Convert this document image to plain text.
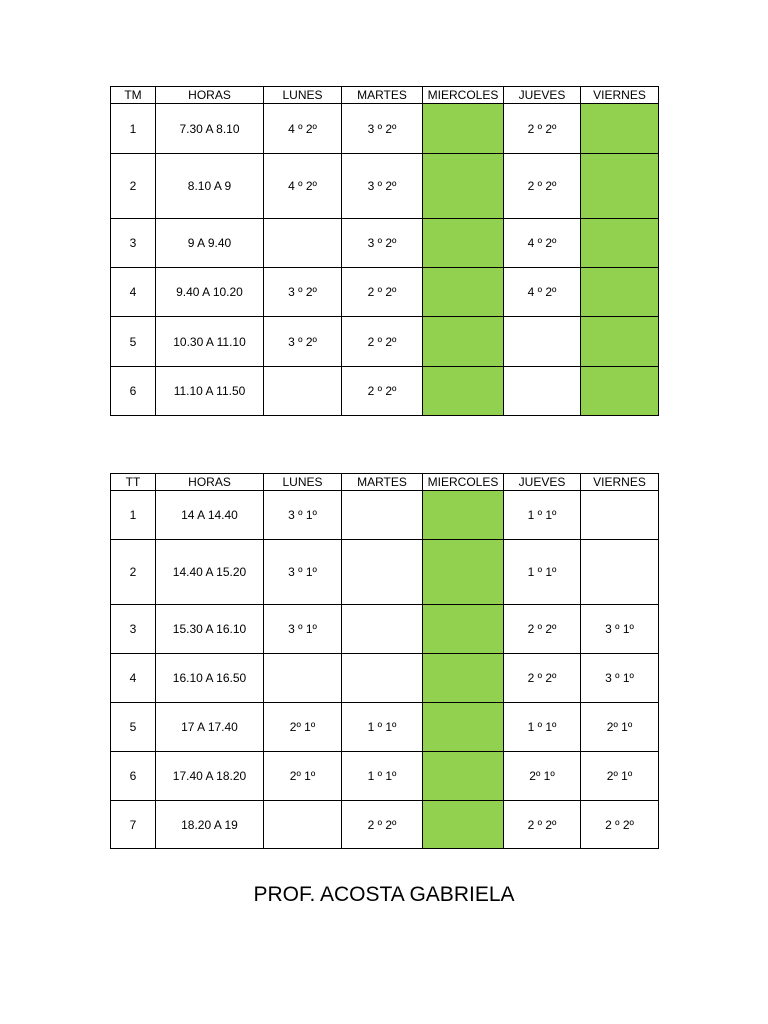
TM	HORAS	LUNES	MARTES	MIERCOLES	JUEVES	VIERNES
1	7.30 A 8.10	4 º 2º	3 º 2º		2 º 2º	
2	8.10 A 9	4 º 2º	3 º 2º		2 º 2º	
3	9 A 9.40		3 º 2º		4 º 2º	
4	9.40 A 10.20	3 º 2º	2 º 2º		4 º 2º	
5	10.30 A 11.10	3 º 2º	2 º 2º			
6	11.10 A 11.50		2 º 2º			
TT	HORAS	LUNES	MARTES	MIERCOLES	JUEVES	VIERNES
1	14 A 14.40	3 º 1º			1 º 1º	
2	14.40 A 15.20	3 º 1º			1 º 1º	
3	15.30 A 16.10	3 º 1º			2 º 2º	3 º 1º
4	16.10 A 16.50				2 º 2º	3 º 1º
5	17 A 17.40	2º 1º	1 º 1º		1 º 1º	2º 1º
6	17.40 A 18.20	2º 1º	1 º 1º		2º 1º	2º 1º
7	18.20 A 19		2 º 2º		2 º 2º	2 º 2º
PROF. ACOSTA GABRIELA
